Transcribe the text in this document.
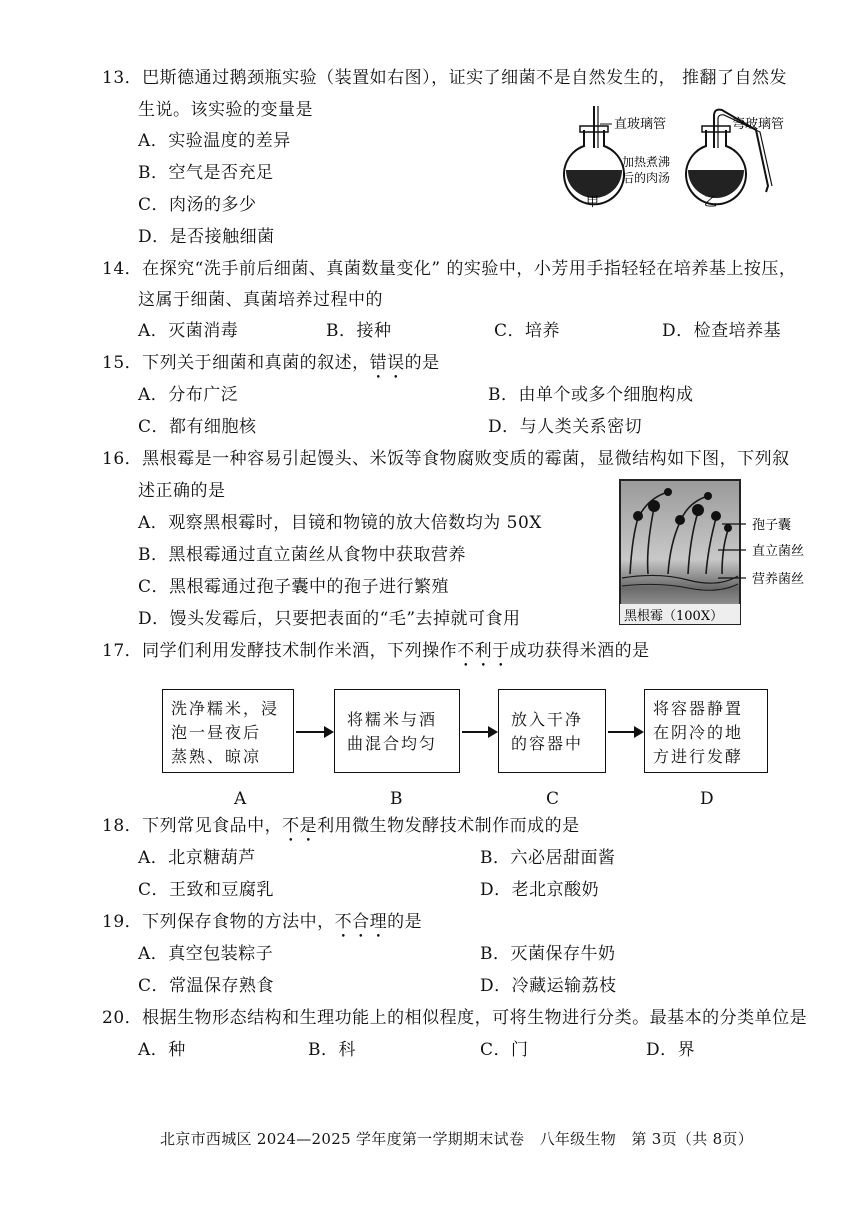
13．巴斯德通过鹅颈瓶实验（装置如右图），证实了细菌不是自然发生的， 推翻了自然发
生说。该实验的变量是
A．实验温度的差异
B．空气是否充足
C．肉汤的多少
D．是否接触细菌
直玻璃管
加热煮沸
后的肉汤
甲
弯玻璃管
乙
14．在探究“洗手前后细菌、真菌数量变化” 的实验中，小芳用手指轻轻在培养基上按压，
这属于细菌、真菌培养过程中的
A．灭菌消毒	B．接种	C．培养	D．检查培养基
15．下列关于细菌和真菌的叙述，错误的是
A．分布广泛	B．由单个或多个细胞构成
C．都有细胞核	D．与人类关系密切
16．黑根霉是一种容易引起馒头、米饭等食物腐败变质的霉菌，显微结构如下图，下列叙
述正确的是
A．观察黑根霉时，目镜和物镜的放大倍数均为 50X
B．黑根霉通过直立菌丝从食物中获取营养
C．黑根霉通过孢子囊中的孢子进行繁殖
D．馒头发霉后，只要把表面的“毛”去掉就可食用	黑根霉（100X）
孢子囊
直立菌丝
营养菌丝
17．同学们利用发酵技术制作米酒，下列操作不利于成功获得米酒的是
洗净糯米，浸
泡一昼夜后
蒸熟、晾凉
将糯米与酒
曲混合均匀
放入干净
的容器中
将容器静置
在阴冷的地
方进行发酵
A	B	C	D
18．下列常见食品中，不是利用微生物发酵技术制作而成的是
A．北京糖葫芦	B．六必居甜面酱
C．王致和豆腐乳	D．老北京酸奶
19．下列保存食物的方法中，不合理的是
A．真空包装粽子	B．灭菌保存牛奶
C．常温保存熟食	D．冷藏运输荔枝
20．根据生物形态结构和生理功能上的相似程度，可将生物进行分类。最基本的分类单位是
A．种	B．科	C．门	D．界
北京市西城区 2024—2025 学年度第一学期期末试卷　八年级生物　第 3页（共 8页）
